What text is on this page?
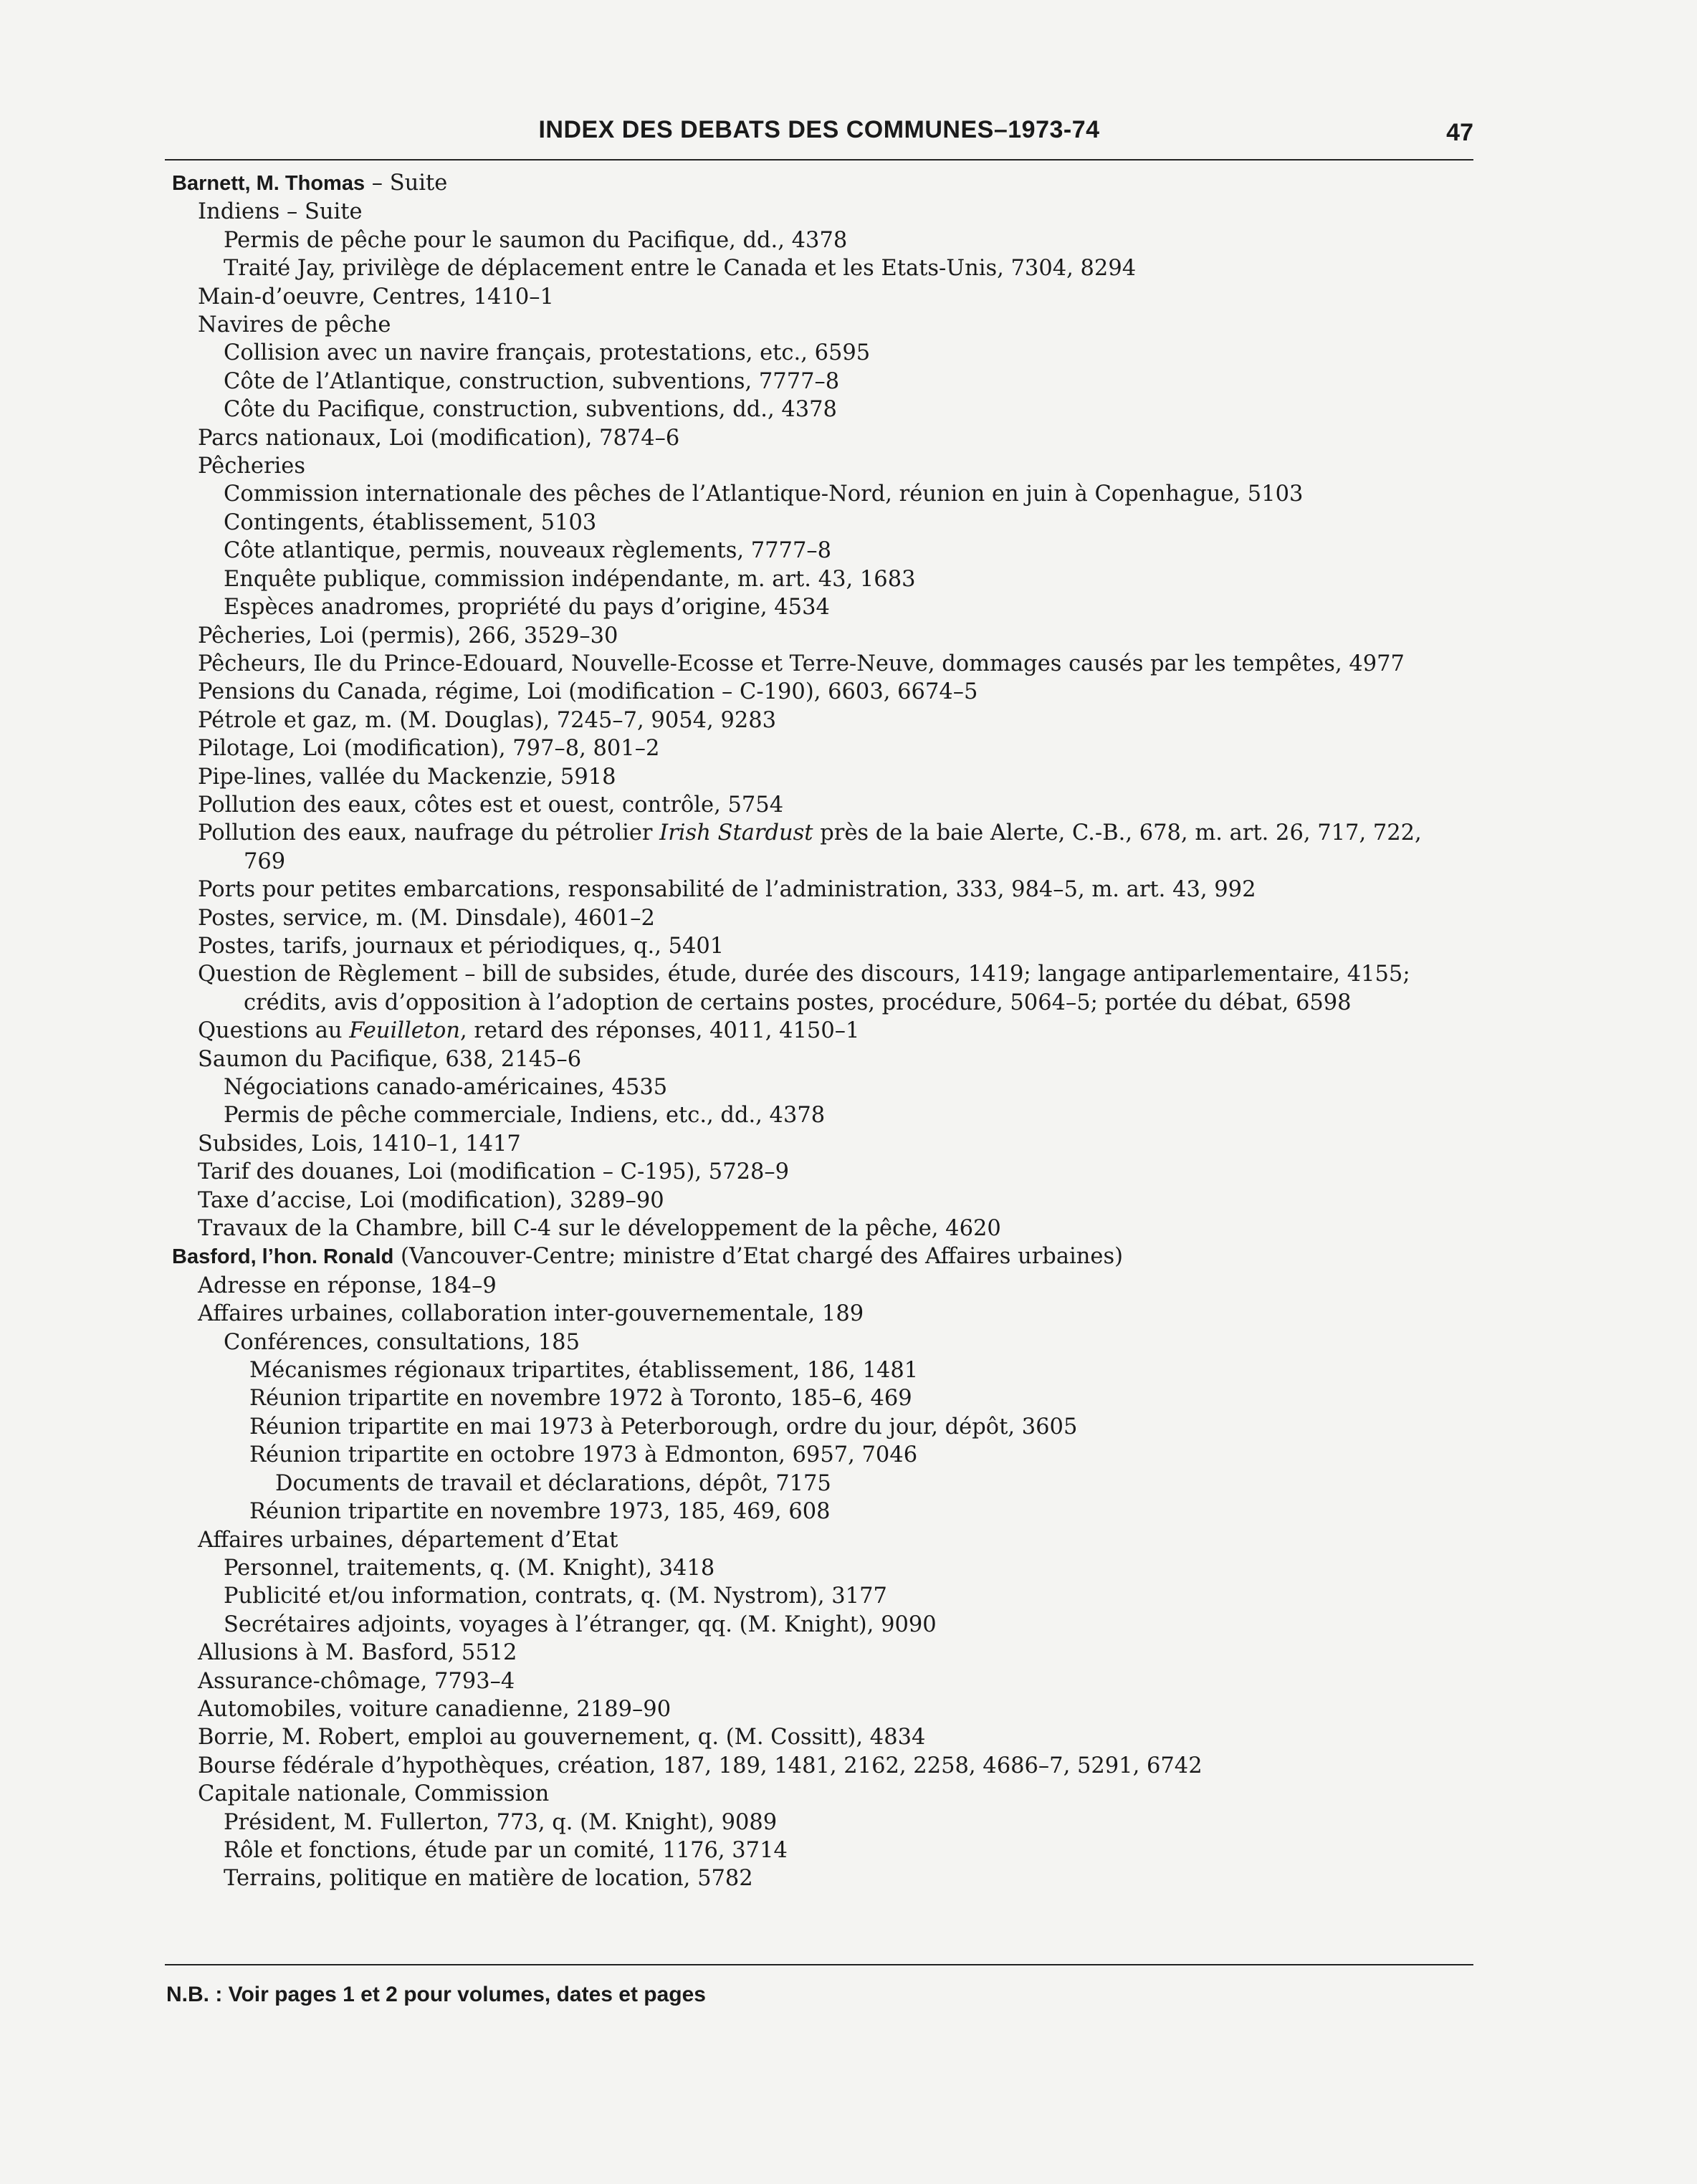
INDEX DES DEBATS DES COMMUNES–1973-74	47
Barnett, M. Thomas – Suite
Indiens – Suite
Permis de pêche pour le saumon du Pacifique, dd., 4378
Traité Jay, privilège de déplacement entre le Canada et les Etats-Unis, 7304, 8294
Main-d’oeuvre, Centres, 1410–1
Navires de pêche
Collision avec un navire français, protestations, etc., 6595
Côte de l’Atlantique, construction, subventions, 7777–8
Côte du Pacifique, construction, subventions, dd., 4378
Parcs nationaux, Loi (modification), 7874–6
Pêcheries
Commission internationale des pêches de l’Atlantique-Nord, réunion en juin à Copenhague, 5103
Contingents, établissement, 5103
Côte atlantique, permis, nouveaux règlements, 7777–8
Enquête publique, commission indépendante, m. art. 43, 1683
Espèces anadromes, propriété du pays d’origine, 4534
Pêcheries, Loi (permis), 266, 3529–30
Pêcheurs, Ile du Prince-Edouard, Nouvelle-Ecosse et Terre-Neuve, dommages causés par les tempêtes, 4977
Pensions du Canada, régime, Loi (modification – C-190), 6603, 6674–5
Pétrole et gaz, m. (M. Douglas), 7245–7, 9054, 9283
Pilotage, Loi (modification), 797–8, 801–2
Pipe-lines, vallée du Mackenzie, 5918
Pollution des eaux, côtes est et ouest, contrôle, 5754
Pollution des eaux, naufrage du pétrolier Irish Stardust près de la baie Alerte, C.-B., 678, m. art. 26, 717, 722, 769
Ports pour petites embarcations, responsabilité de l’administration, 333, 984–5, m. art. 43, 992
Postes, service, m. (M. Dinsdale), 4601–2
Postes, tarifs, journaux et périodiques, q., 5401
Question de Règlement – bill de subsides, étude, durée des discours, 1419; langage antiparlementaire, 4155; crédits, avis d’opposition à l’adoption de certains postes, procédure, 5064–5; portée du débat, 6598
Questions au Feuilleton, retard des réponses, 4011, 4150–1
Saumon du Pacifique, 638, 2145–6
Négociations canado-américaines, 4535
Permis de pêche commerciale, Indiens, etc., dd., 4378
Subsides, Lois, 1410–1, 1417
Tarif des douanes, Loi (modification – C-195), 5728–9
Taxe d’accise, Loi (modification), 3289–90
Travaux de la Chambre, bill C-4 sur le développement de la pêche, 4620
Basford, l’hon. Ronald (Vancouver-Centre; ministre d’Etat chargé des Affaires urbaines)
Adresse en réponse, 184–9
Affaires urbaines, collaboration inter-gouvernementale, 189
Conférences, consultations, 185
Mécanismes régionaux tripartites, établissement, 186, 1481
Réunion tripartite en novembre 1972 à Toronto, 185–6, 469
Réunion tripartite en mai 1973 à Peterborough, ordre du jour, dépôt, 3605
Réunion tripartite en octobre 1973 à Edmonton, 6957, 7046
Documents de travail et déclarations, dépôt, 7175
Réunion tripartite en novembre 1973, 185, 469, 608
Affaires urbaines, département d’Etat
Personnel, traitements, q. (M. Knight), 3418
Publicité et/ou information, contrats, q. (M. Nystrom), 3177
Secrétaires adjoints, voyages à l’étranger, qq. (M. Knight), 9090
Allusions à M. Basford, 5512
Assurance-chômage, 7793–4
Automobiles, voiture canadienne, 2189–90
Borrie, M. Robert, emploi au gouvernement, q. (M. Cossitt), 4834
Bourse fédérale d’hypothèques, création, 187, 189, 1481, 2162, 2258, 4686–7, 5291, 6742
Capitale nationale, Commission
Président, M. Fullerton, 773, q. (M. Knight), 9089
Rôle et fonctions, étude par un comité, 1176, 3714
Terrains, politique en matière de location, 5782
N.B. : Voir pages 1 et 2 pour volumes, dates et pages
